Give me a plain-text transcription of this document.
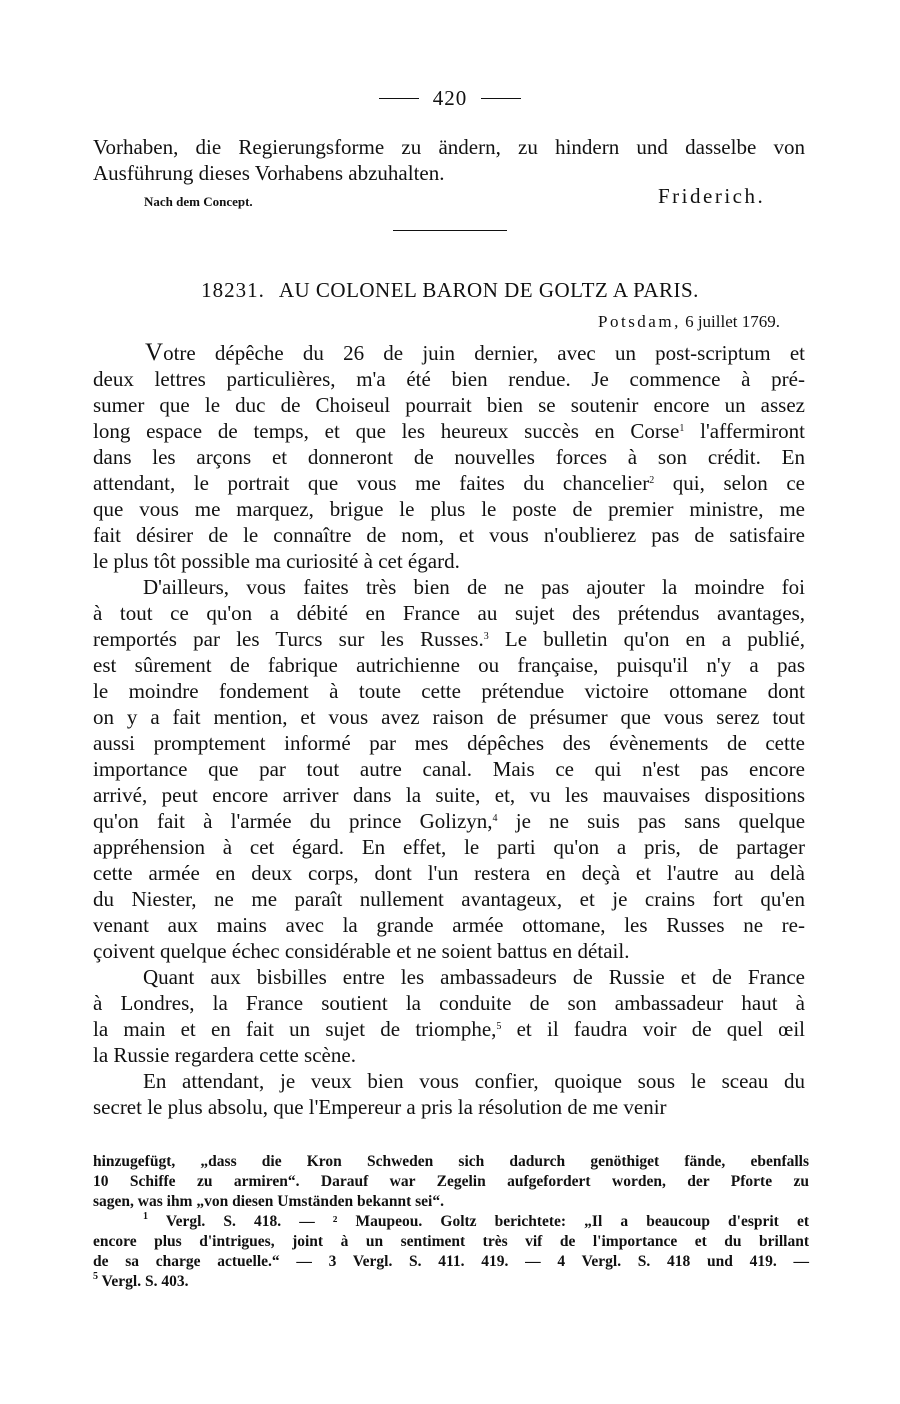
420
Vorhaben, die Regierungsforme zu ändern, zu hindern und dasselbe von
Ausführung dieses Vorhabens abzuhalten.
Nach dem Concept.	Friderich.
18231. AU COLONEL BARON DE GOLTZ A PARIS.
Potsdam, 6 juillet 1769.
Votre dépêche du 26 de juin dernier, avec un post-scriptum et
deux lettres particulières, m'a été bien rendue. Je commence à pré-
sumer que le duc de Choiseul pourrait bien se soutenir encore un assez
long espace de temps, et que les heureux succès en Corse$^1$ l'affermiront
dans les arçons et donneront de nouvelles forces à son crédit. En
attendant, le portrait que vous me faites du chancelier$^2$ qui, selon ce
que vous me marquez, brigue le plus le poste de premier ministre, me
fait désirer de le connaître de nom, et vous n'oublierez pas de satisfaire
le plus tôt possible ma curiosité à cet égard.
D'ailleurs, vous faites très bien de ne pas ajouter la moindre foi
à tout ce qu'on a débité en France au sujet des prétendus avantages,
remportés par les Turcs sur les Russes.$^3$ Le bulletin qu'on en a publié,
est sûrement de fabrique autrichienne ou française, puisqu'il n'y a pas
le moindre fondement à toute cette prétendue victoire ottomane dont
on y a fait mention, et vous avez raison de présumer que vous serez tout
aussi promptement informé par mes dépêches des évènements de cette
importance que par tout autre canal. Mais ce qui n'est pas encore
arrivé, peut encore arriver dans la suite, et, vu les mauvaises dispositions
qu'on fait à l'armée du prince Golizyn,$^4$ je ne suis pas sans quelque
appréhension à cet égard. En effet, le parti qu'on a pris, de partager
cette armée en deux corps, dont l'un restera en deçà et l'autre au delà
du Niester, ne me paraît nullement avantageux, et je crains fort qu'en
venant aux mains avec la grande armée ottomane, les Russes ne re-
çoivent quelque échec considérable et ne soient battus en détail.
Quant aux bisbilles entre les ambassadeurs de Russie et de France
à Londres, la France soutient la conduite de son ambassadeur haut à
la main et en fait un sujet de triomphe,$^5$ et il faudra voir de quel œil
la Russie regardera cette scène.
En attendant, je veux bien vous confier, quoique sous le sceau du
secret le plus absolu, que l'Empereur a pris la résolution de me venir
hinzugefügt, „dass die Kron Schweden sich dadurch genöthiget fände, ebenfalls
10 Schiffe zu armiren“. Darauf war Zegelin aufgefordert worden, der Pforte zu
sagen, was ihm „von diesen Umständen bekannt sei“.
$^1$ Vergl. S. 418. — ² Maupeou. Goltz berichtete: „Il a beaucoup d'esprit et
encore plus d'intrigues, joint à un sentiment très vif de l'importance et du brillant
de sa charge actuelle.“ — 3 Vergl. S. 411. 419. — 4 Vergl. S. 418 und 419. —
$^5$ Vergl. S. 403.
